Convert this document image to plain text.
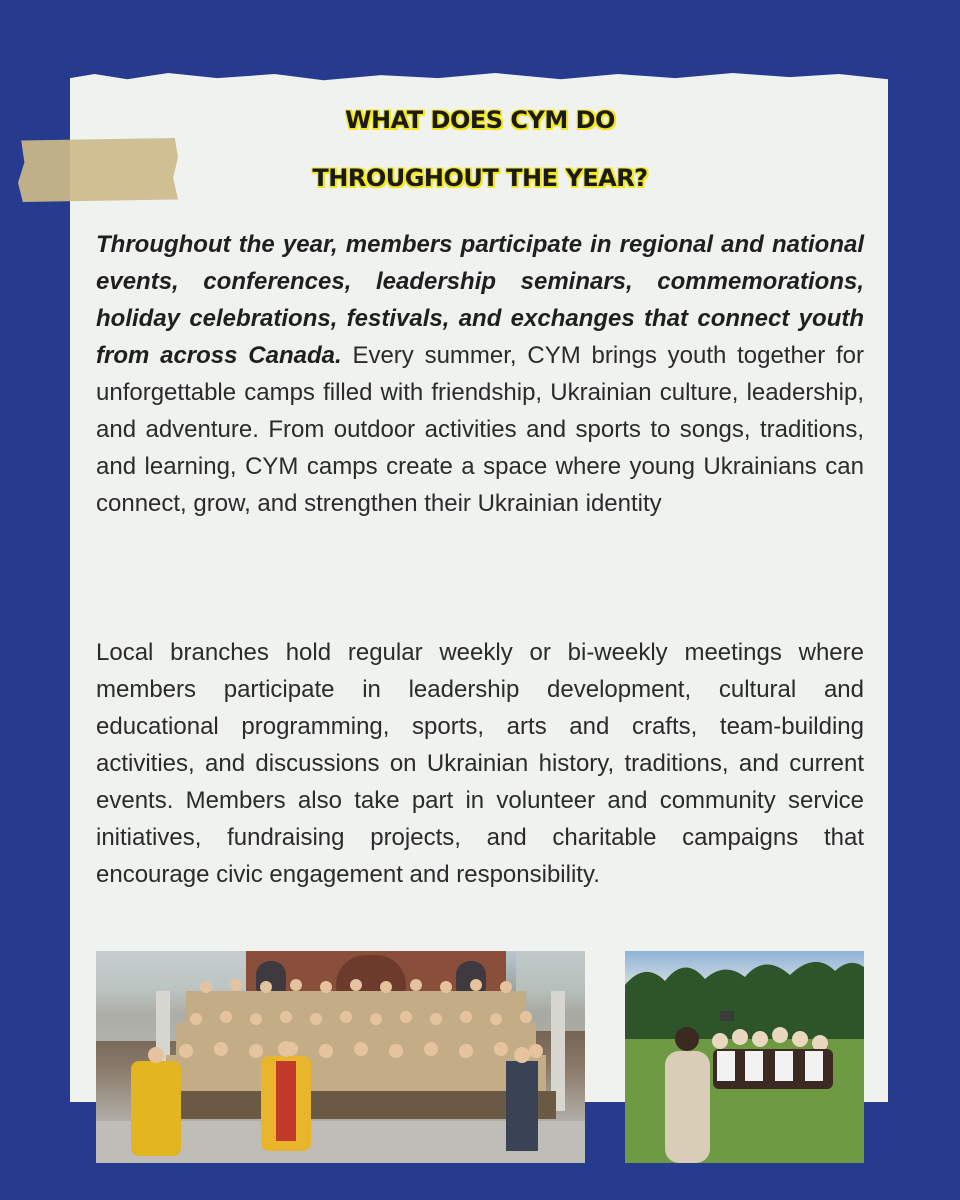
WHAT DOES CYM DO
THROUGHOUT THE YEAR?

Throughout the year, members participate in regional and national events, conferences, leadership seminars, commemorations, holiday celebrations, festivals, and exchanges that connect youth from across Canada. Every summer, CYM brings youth together for unforgettable camps filled with friendship, Ukrainian culture, leadership, and adventure. From outdoor activities and sports to songs, traditions, and learning, CYM camps create a space where young Ukrainians can connect, grow, and strengthen their Ukrainian identity

Local branches hold regular weekly or bi-weekly meetings where members participate in leadership development, cultural and educational programming, sports, arts and crafts, team-building activities, and discussions on Ukrainian history, traditions, and current events. Members also take part in volunteer and community service initiatives, fundraising projects, and charitable campaigns that encourage civic engagement and responsibility.
